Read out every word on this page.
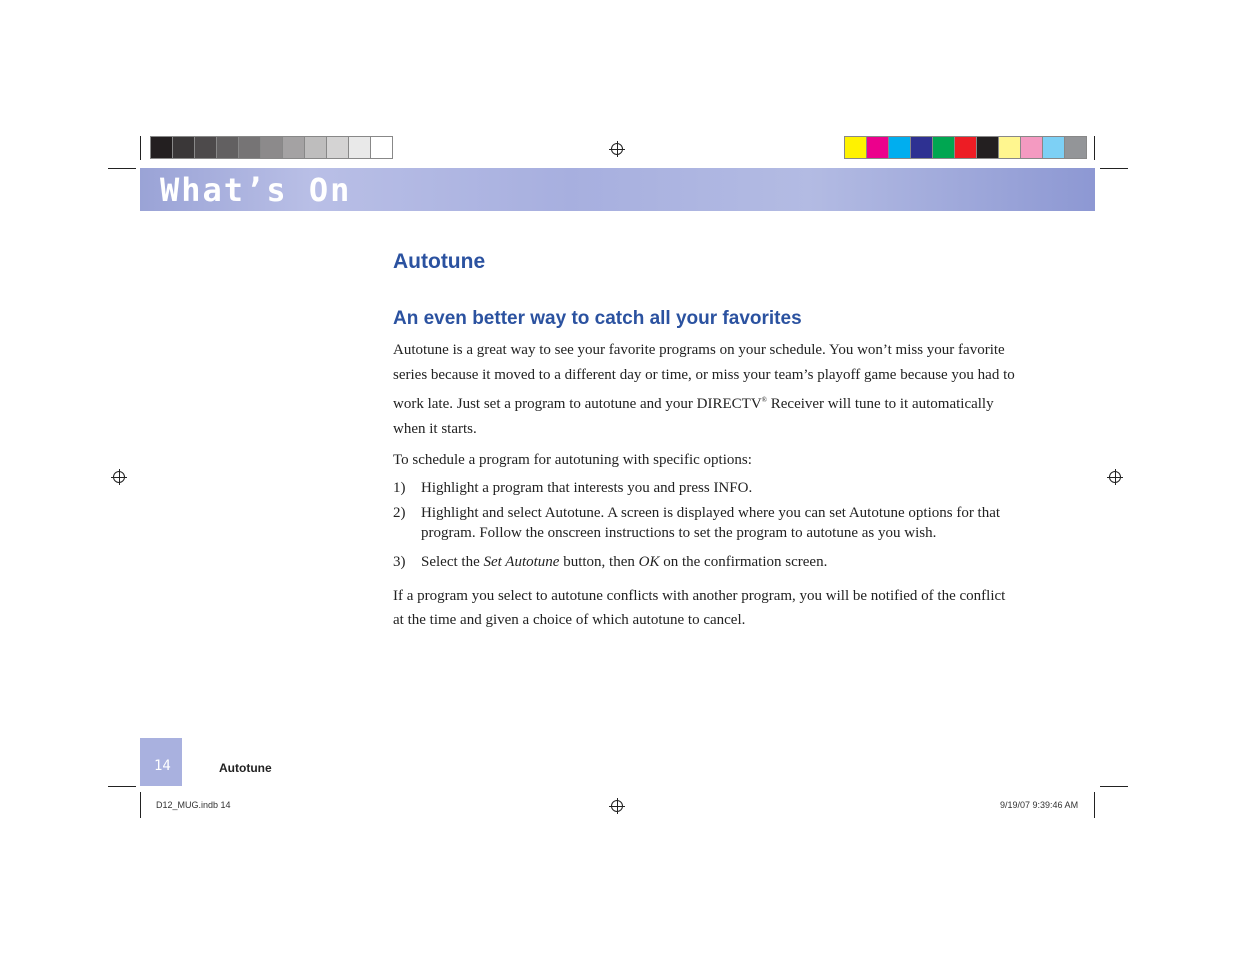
What’s On
Autotune
An even better way to catch all your favorites

Autotune is a great way to see your favorite programs on your schedule. You won’t miss your favorite

series because it moved to a different day or time, or miss your team’s playoff game because you had to

work late. Just set a program to autotune and your DIRECTV® Receiver will tune to it automatically

when it starts.

To schedule a program for autotuning with specific options:

1)	Highlight a program that interests you and press INFO.
2)	Highlight and select Autotune. A screen is displayed where you can set Autotune options for that program. Follow the onscreen instructions to set the program to autotune as you wish.
3)	Select the Set Autotune button, then OK on the confirmation screen.
If a program you select to autotune conflicts with another program, you will be notified of the conflict
at the time and given a choice of which autotune to cancel.
14	Autotune
D12_MUG.indb 14	9/19/07 9:39:46 AM
